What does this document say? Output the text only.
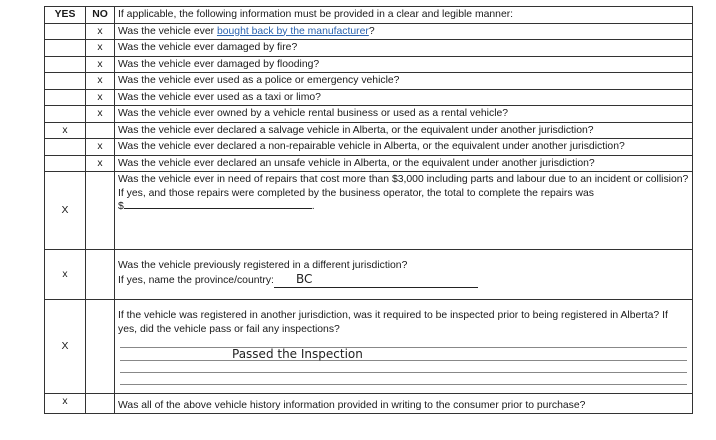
YES	NO	If applicable, the following information must be provided in a clear and legible manner:
	x	Was the vehicle ever bought back by the manufacturer?
	x	Was the vehicle ever damaged by fire?
	x	Was the vehicle ever damaged by flooding?
	x	Was the vehicle ever used as a police or emergency vehicle?
	x	Was the vehicle ever used as a taxi or limo?
	x	Was the vehicle ever owned by a vehicle rental business or used as a rental vehicle?
x		Was the vehicle ever declared a salvage vehicle in Alberta, or the equivalent under another jurisdiction?
	x	Was the vehicle ever declared a non-repairable vehicle in Alberta, or the equivalent under another jurisdiction?
	x	Was the vehicle ever declared an unsafe vehicle in Alberta, or the equivalent under another jurisdiction?
X		Was the vehicle ever in need of repairs that cost more than $3,000 including parts and labour due to an incident or collision?
If yes, and those repairs were completed by the business operator, the total to complete the repairs was
$ .

x		Was the vehicle previously registered in a different jurisdiction?
If yes, name the province/country: BC

X		If the vehicle was registered in another jurisdiction, was it required to be inspected prior to being registered in Alberta? If yes, did the vehicle pass or fail any inspections?
Passed the Inspection

x		Was all of the above vehicle history information provided in writing to the consumer prior to purchase?
